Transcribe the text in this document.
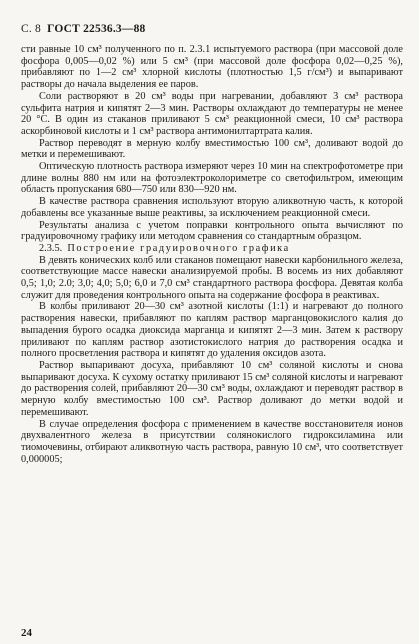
С. 8 ГОСТ 22536.3—88

сти равные 10 см³ полученного по п. 2.3.1 испытуемого раствора (при массовой доле фосфора 0,005—0,02 %) или 5 см³ (при массовой доле фосфора 0,02—0,25 %), прибавляют по 1—2 см³ хлорной кислоты (плотностью 1,5 г/см³) и выпаривают растворы до начала выделения ее паров.

Соли растворяют в 20 см³ воды при нагревании, добавляют 3 см³ раствора сульфита натрия и кипятят 2—3 мин. Растворы охлаждают до температуры не менее 20 °С. В один из стаканов приливают 5 см³ реакционной смеси, 10 см³ раствора аскорбиновой кислоты и 1 см³ раствора антимонилтартрата калия.

Раствор переводят в мерную колбу вместимостью 100 см³, доливают водой до метки и перемешивают.

Оптическую плотность раствора измеряют через 10 мин на спектрофотометре при длине волны 880 нм или на фотоэлектроколориметре со светофильтром, имеющим область пропускания 680—750 или 830—920 нм.

В качестве раствора сравнения используют вторую аликвотную часть, к которой добавлены все указанные выше реактивы, за исключением реакционной смеси.

Результаты анализа с учетом поправки контрольного опыта вычисляют по градуировочному графику или методом сравнения со стандартным образцом.

2.3.5. Построение градуировочного графика

В девять конических колб или стаканов помещают навески карбонильного железа, соответствующие массе навески анализируемой пробы. В восемь из них добавляют 0,5; 1,0; 2.0; 3,0; 4,0; 5,0; 6,0 и 7,0 см³ стандартного раствора фосфора. Девятая колба служит для проведения контрольного опыта на содержание фосфора в реактивах.

В колбы приливают 20—30 см³ азотной кислоты (1:1) и нагревают до полного растворения навески, прибавляют по каплям раствор марганцовокислого калия до выпадения бурого осадка диоксида марганца и кипятят 2—3 мин. Затем к раствору приливают по каплям раствор азотистокислого натрия до растворения осадка и полного просветления раствора и кипятят до удаления оксидов азота.

Раствор выпаривают досуха, прибавляют 10 см³ соляной кислоты и снова выпаривают досуха. К сухому остатку приливают 15 см³ соляной кислоты и нагревают до растворения солей, прибавляют 20—30 см³ воды, охлаждают и переводят раствор в мерную колбу вместимостью 100 см³. Раствор доливают до метки водой и перемешивают.

В случае определения фосфора с применением в качестве восстановителя ионов двухвалентного железа в присутствии солянокислого гидроксиламина или тиомочевины, отбирают аликвотную часть раствора, равную 10 см³, что соответствует 0,000005;

24
